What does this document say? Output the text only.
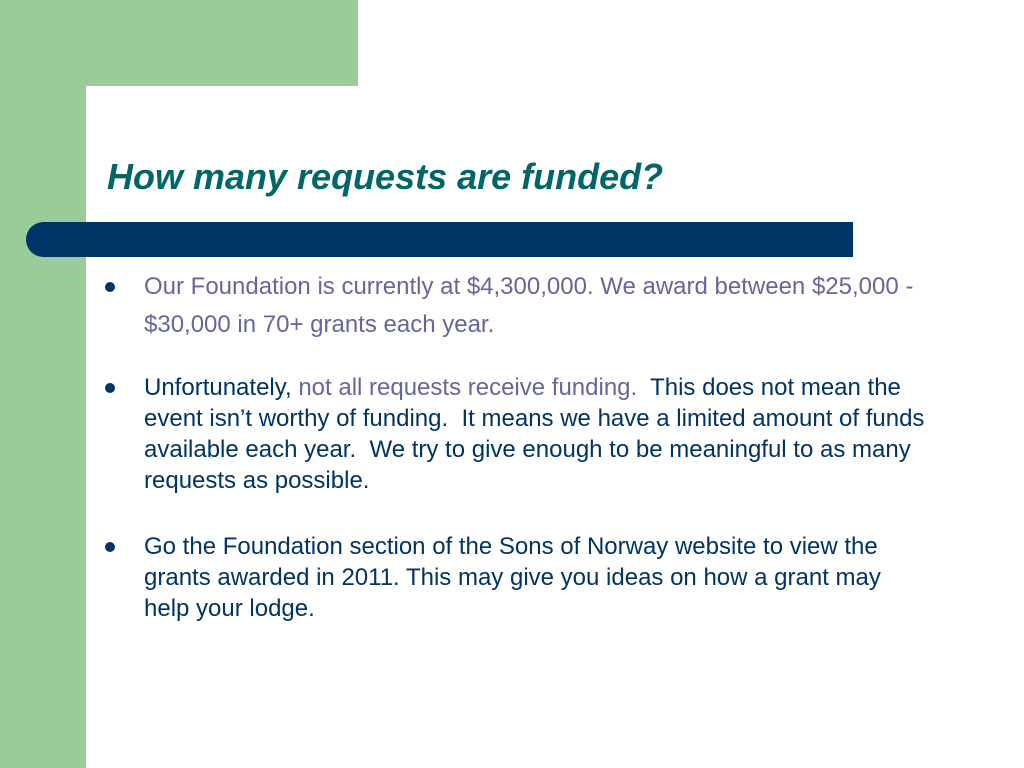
How many requests are funded?
Our Foundation is currently at $4,300,000. We award between $25,000 - $30,000 in 70+ grants each year.
Unfortunately, not all requests receive funding.  This does not mean the event isn’t worthy of funding.  It means we have a limited amount of funds available each year.  We try to give enough to be meaningful to as many requests as possible.
Go the Foundation section of the Sons of Norway website to view the grants awarded in 2011. This may give you ideas on how a grant may help your lodge.
